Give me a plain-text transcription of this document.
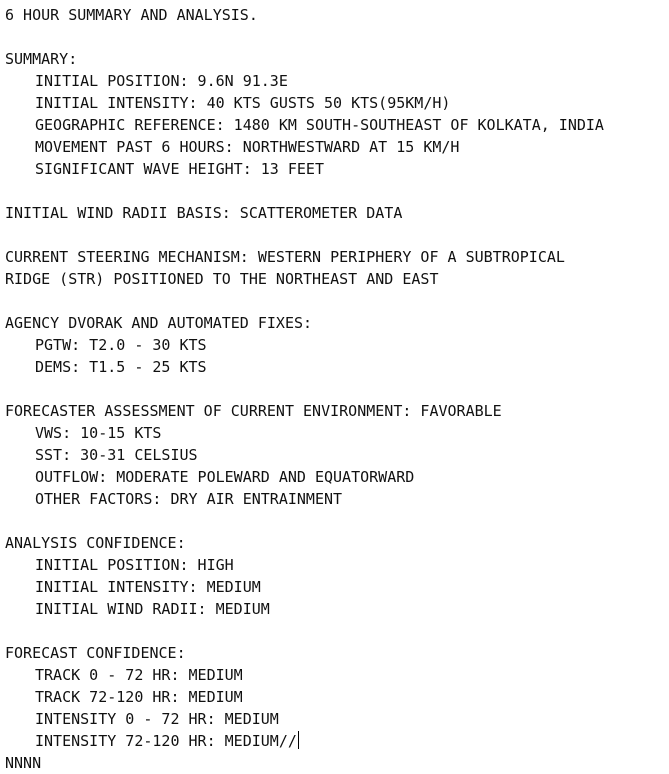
6 HOUR SUMMARY AND ANALYSIS.
SUMMARY:
INITIAL POSITION: 9.6N 91.3E
INITIAL INTENSITY: 40 KTS GUSTS 50 KTS(95KM/H)
GEOGRAPHIC REFERENCE: 1480 KM SOUTH-SOUTHEAST OF KOLKATA, INDIA
MOVEMENT PAST 6 HOURS: NORTHWESTWARD AT 15 KM/H
SIGNIFICANT WAVE HEIGHT: 13 FEET
INITIAL WIND RADII BASIS: SCATTEROMETER DATA
CURRENT STEERING MECHANISM: WESTERN PERIPHERY OF A SUBTROPICAL
RIDGE (STR) POSITIONED TO THE NORTHEAST AND EAST
AGENCY DVORAK AND AUTOMATED FIXES:
PGTW: T2.0 - 30 KTS
DEMS: T1.5 - 25 KTS
FORECASTER ASSESSMENT OF CURRENT ENVIRONMENT: FAVORABLE
VWS: 10-15 KTS
SST: 30-31 CELSIUS
OUTFLOW: MODERATE POLEWARD AND EQUATORWARD
OTHER FACTORS: DRY AIR ENTRAINMENT
ANALYSIS CONFIDENCE:
INITIAL POSITION: HIGH
INITIAL INTENSITY: MEDIUM
INITIAL WIND RADII: MEDIUM
FORECAST CONFIDENCE:
TRACK 0 - 72 HR: MEDIUM
TRACK 72-120 HR: MEDIUM
INTENSITY 0 - 72 HR: MEDIUM
INTENSITY 72-120 HR: MEDIUM//
NNNN
